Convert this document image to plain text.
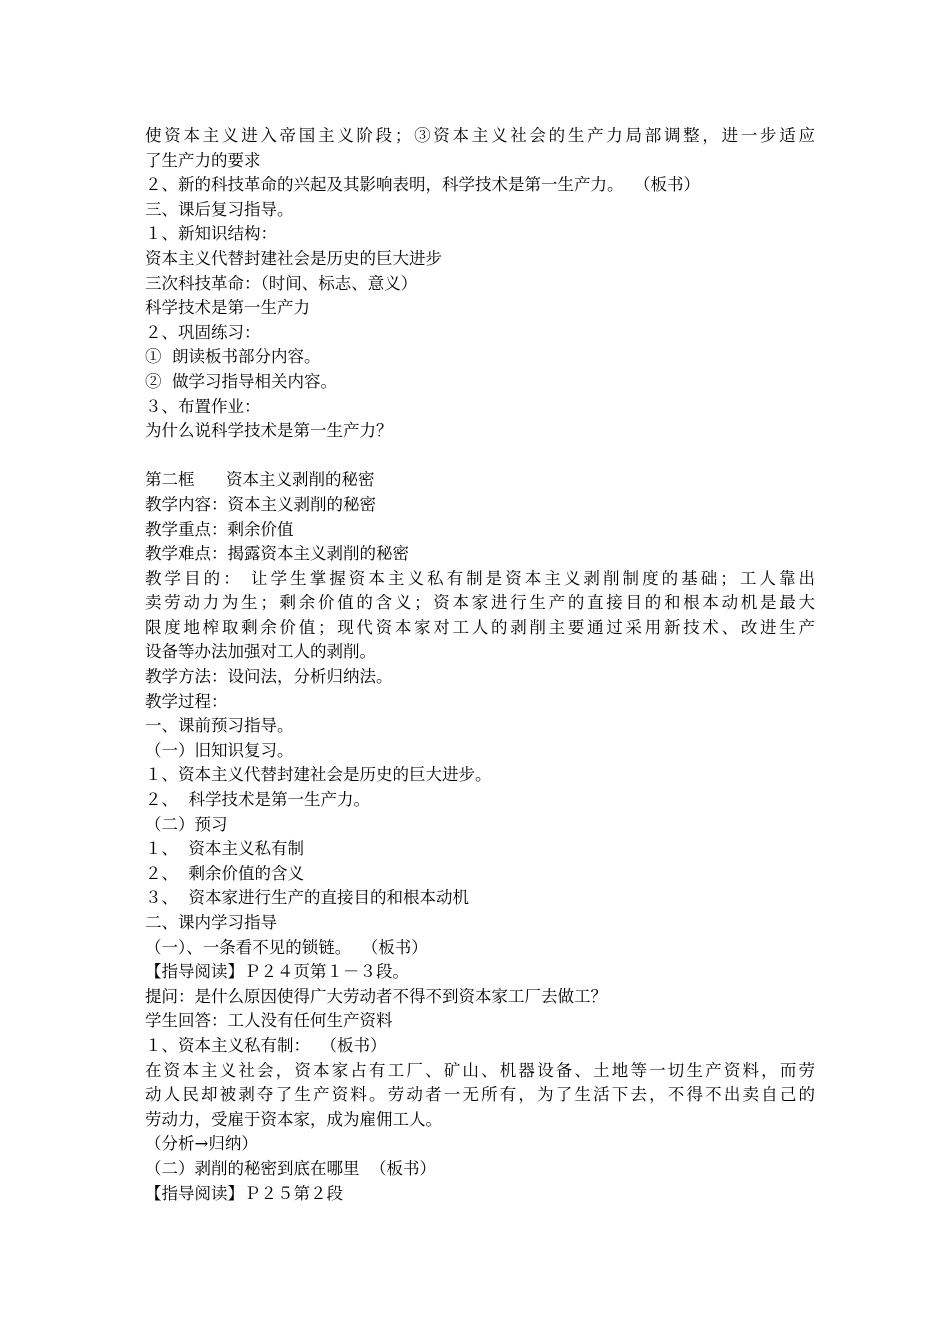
使资本主义进入帝国主义阶段；③资本主义社会的生产力局部调整，进一步适应
了生产力的要求
２、新的科技革命的兴起及其影响表明，科学技术是第一生产力。  （板书）
三、课后复习指导。
１、新知识结构：
资本主义代替封建社会是历史的巨大进步
三次科技革命：（时间、标志、意义）
科学技术是第一生产力
２、巩固练习：
①  朗读板书部分内容。
②  做学习指导相关内容。
３、布置作业：
为什么说科学技术是第一生产力？
第二框      资本主义剥削的秘密
教学内容：资本主义剥削的秘密
教学重点：剩余价值
教学难点：揭露资本主义剥削的秘密
教学目的： 让学生掌握资本主义私有制是资本主义剥削制度的基础；工人靠出
卖劳动力为生；剩余价值的含义；资本家进行生产的直接目的和根本动机是最大
限度地榨取剩余价值；现代资本家对工人的剥削主要通过采用新技术、改进生产
设备等办法加强对工人的剥削。
教学方法：设问法，分析归纳法。
教学过程：
一、课前预习指导。
（一）旧知识复习。
１、资本主义代替封建社会是历史的巨大进步。
２、  科学技术是第一生产力。
（二）预习
１、  资本主义私有制
２、  剩余价值的含义
３、  资本家进行生产的直接目的和根本动机
二、课内学习指导
（一）、一条看不见的锁链。  （板书）
【指导阅读】Ｐ２４页第１－３段。
提问：是什么原因使得广大劳动者不得不到资本家工厂去做工？
学生回答：工人没有任何生产资料
１、资本主义私有制：  （板书）
在资本主义社会，资本家占有工厂、矿山、机器设备、土地等一切生产资料，而劳
动人民却被剥夺了生产资料。劳动者一无所有，为了生活下去，不得不出卖自己的
劳动力，受雇于资本家，成为雇佣工人。
（分析→归纳）
（二）剥削的秘密到底在哪里  （板书）
【指导阅读】Ｐ２５第２段
